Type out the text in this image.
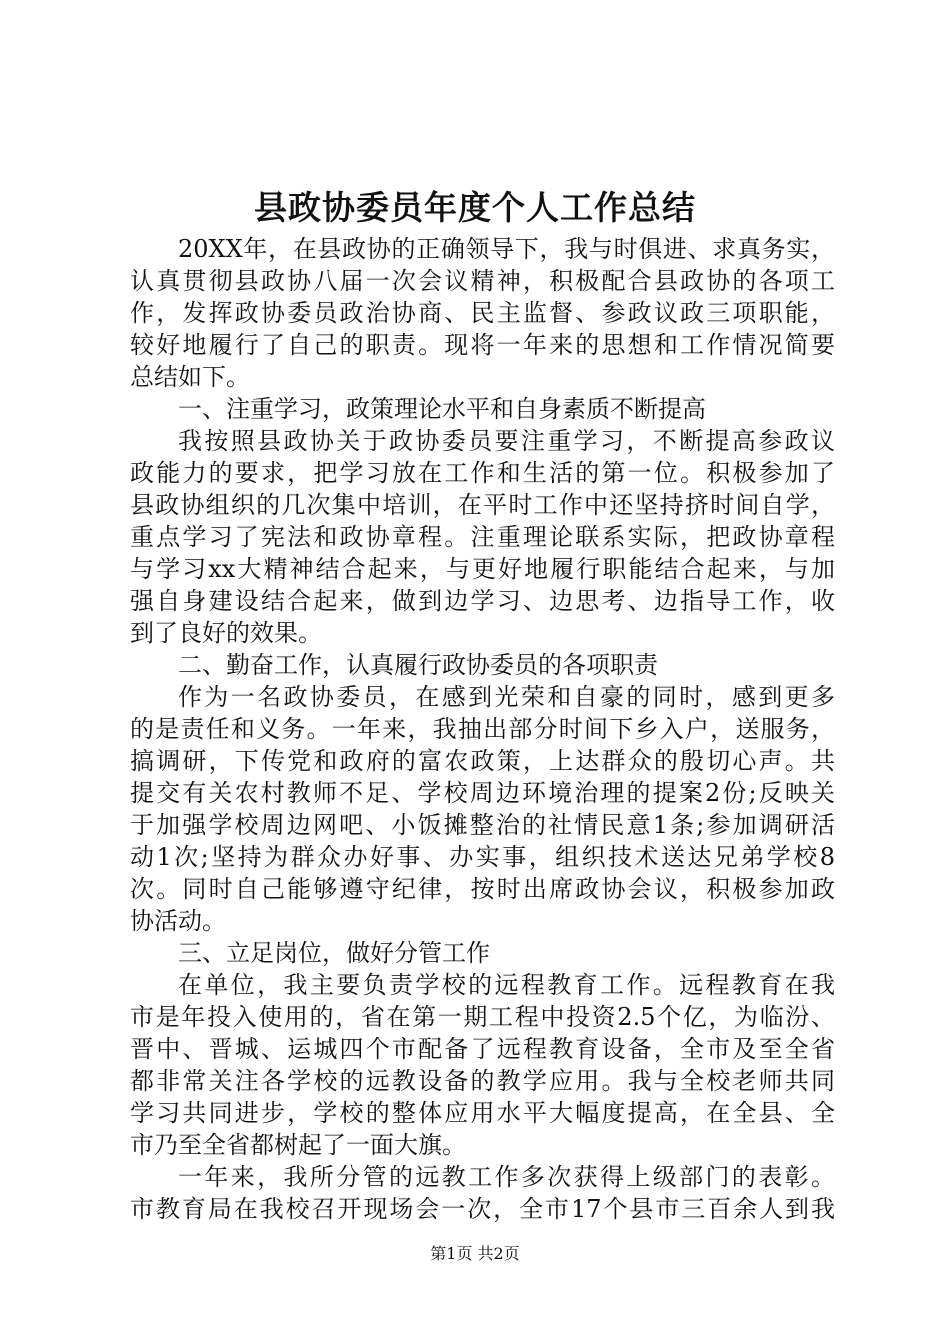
县政协委员年度个人工作总结
20XX年，在县政协的正确领导下，我与时俱进、求真务实，
认真贯彻县政协八届一次会议精神，积极配合县政协的各项工
作，发挥政协委员政治协商、民主监督、参政议政三项职能，
较好地履行了自己的职责。现将一年来的思想和工作情况简要
总结如下。
一、注重学习，政策理论水平和自身素质不断提高
我按照县政协关于政协委员要注重学习，不断提高参政议
政能力的要求，把学习放在工作和生活的第一位。积极参加了
县政协组织的几次集中培训，在平时工作中还坚持挤时间自学，
重点学习了宪法和政协章程。注重理论联系实际，把政协章程
与学习xx大精神结合起来，与更好地履行职能结合起来，与加
强自身建设结合起来，做到边学习、边思考、边指导工作，收
到了良好的效果。
二、勤奋工作，认真履行政协委员的各项职责
作为一名政协委员，在感到光荣和自豪的同时，感到更多
的是责任和义务。一年来，我抽出部分时间下乡入户，送服务，
搞调研，下传党和政府的富农政策，上达群众的殷切心声。共
提交有关农村教师不足、学校周边环境治理的提案2份;反映关
于加强学校周边网吧、小饭摊整治的社情民意1条;参加调研活
动1次;坚持为群众办好事、办实事，组织技术送达兄弟学校8
次。同时自己能够遵守纪律，按时出席政协会议，积极参加政
协活动。
三、立足岗位，做好分管工作
在单位，我主要负责学校的远程教育工作。远程教育在我
市是年投入使用的，省在第一期工程中投资2.5个亿，为临汾、
晋中、晋城、运城四个市配备了远程教育设备，全市及至全省
都非常关注各学校的远教设备的教学应用。我与全校老师共同
学习共同进步，学校的整体应用水平大幅度提高，在全县、全
市乃至全省都树起了一面大旗。
一年来，我所分管的远教工作多次获得上级部门的表彰。
市教育局在我校召开现场会一次，全市17个县市三百余人到我
第1页 共2页
